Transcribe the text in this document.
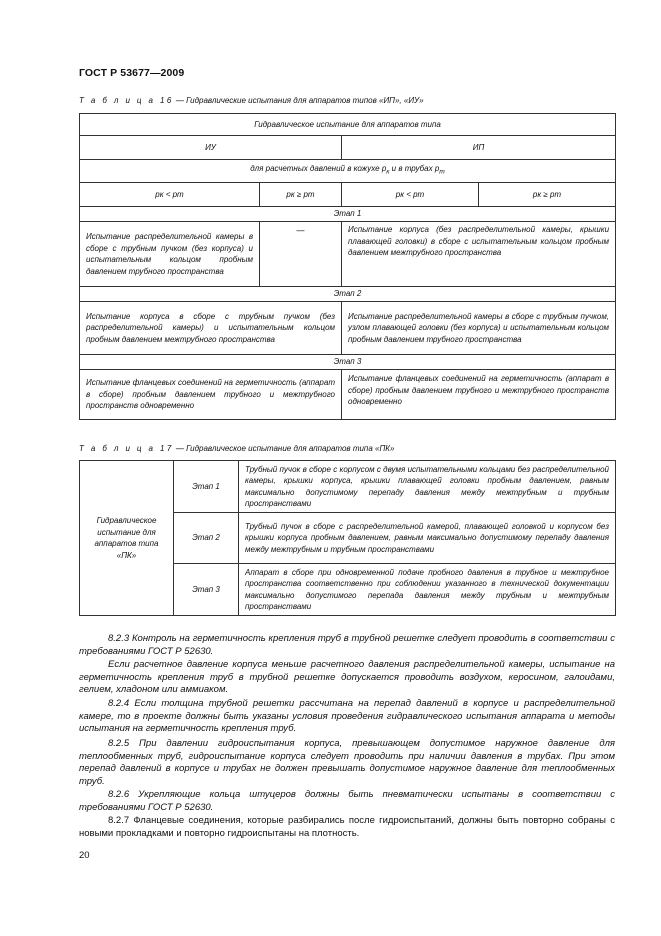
ГОСТ Р 53677—2009
Т а б л и ц а 16 — Гидравлические испытания для аппаратов типов «ИП», «ИУ»
Гидравлическое испытание для аппаратов типа			
ИУ		ИП	
для расчетных давлений в кожухе $p_к$ и в трубах $p_т$
pк < pт	pк ≥ pт	pк < pт	pк ≥ pт
Этап 1			
Испытание распределительной камеры в сборе с трубным пучком (без корпуса) и испытательным кольцом пробным давлением трубного пространства	—	Испытание корпуса (без распределительной камеры, крышки плавающей головки) в сборе с испытательным кольцом пробным давлением межтрубного пространства	
Этап 2			
Испытание корпуса в сборе с трубным пучком (без распределительной камеры) и испытательным кольцом пробным давлением межтрубного пространства		Испытание распределительной камеры в сборе с трубным пучком, узлом плавающей головки (без корпуса) и испытательным кольцом пробным давлением трубного пространства	
Этап 3			
Испытание фланцевых соединений на герметичность (аппарат в сборе) пробным давлением трубного и межтрубного пространств одновременно		Испытание фланцевых соединений на герметичность (аппарат в сборе) пробным давлением трубного и межтрубного пространств одновременно	
Т а б л и ц а 17 — Гидравлическое испытание для аппаратов типа «ПК»
Гидравлическое испытание для аппаратов типа «ПК»	Этап 1	Трубный пучок в сборе с корпусом с двумя испытательными кольцами без распределительной камеры, крышки корпуса, крышки плавающей головки пробным давлением, равным максимально допустимому перепаду давления между межтрубным и трубным пространствами
	Этап 2	Трубный пучок в сборе с распределительной камерой, плавающей головкой и корпусом без крышки корпуса пробным давлением, равным максимально допустимому перепаду давления между межтрубным и трубным пространствами
	Этап 3	Аппарат в сборе при одновременной подаче пробного давления в трубное и межтрубное пространства соответственно при соблюдении указанного в технической документации максимально допустимого перепада давления между трубным и межтрубным пространствами
8.2.3 Контроль на герметичность крепления труб в трубной решетке следует проводить в соответствии с требованиями ГОСТ Р 52630.
Если расчетное давление корпуса меньше расчетного давления распределительной камеры, испытание на герметичность крепления труб в трубной решетке допускается проводить воздухом, керосином, галоидами, гелием, хладоном или аммиаком.
8.2.4 Если толщина трубной решетки рассчитана на перепад давлений в корпусе и распределительной камере, то в проекте должны быть указаны условия проведения гидравлического испытания аппарата и методы испытания на герметичность крепления труб.
8.2.5 При давлении гидроиспытания корпуса, превышающем допустимое наружное давление для теплообменных труб, гидроиспытание корпуса следует проводить при наличии давления в трубах. При этом перепад давлений в корпусе и трубах не должен превышать допустимое наружное давление для теплообменных труб.
8.2.6 Укрепляющие кольца штуцеров должны быть пневматически испытаны в соответствии с требованиями ГОСТ Р 52630.
8.2.7 Фланцевые соединения, которые разбирались после гидроиспытаний, должны быть повторно собраны с новыми прокладками и повторно гидроиспытаны на плотность.
20
